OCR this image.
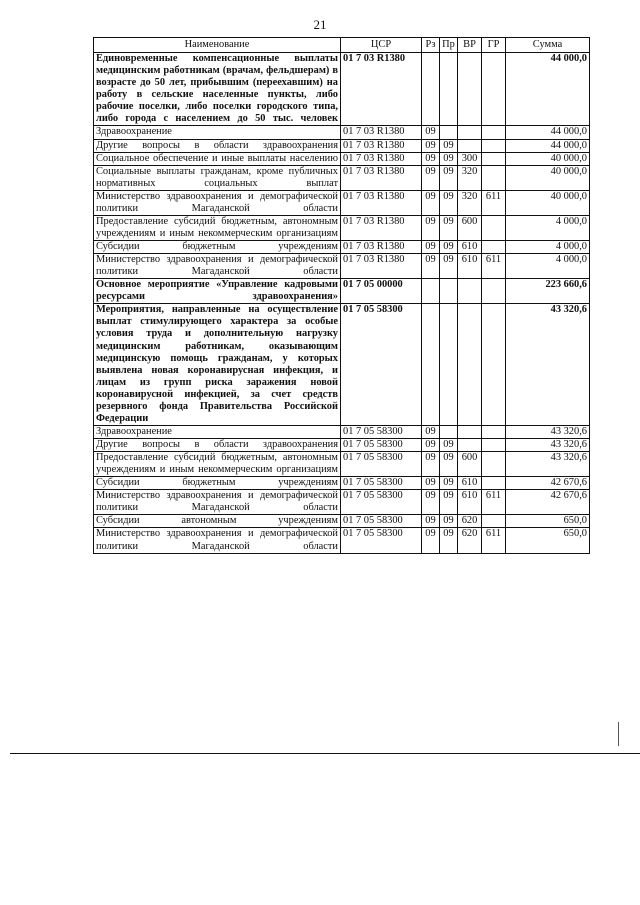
21
Наименование	ЦСР	Рз	Пр	ВР	ГР	Сумма
Единовременные компенсационные выплаты медицинским работникам (врачам, фельдшерам) в возрасте до 50 лет, прибывшим (переехавшим) на работу в сельские населенные пункты, либо рабочие поселки, либо поселки городского типа, либо города с населением до 50 тыс. человек	01 7 03 R1380					44 000,0
Здравоохранение	01 7 03 R1380	09				44 000,0
Другие вопросы в области здравоохранения	01 7 03 R1380	09	09			44 000,0
Социальное обеспечение и иные выплаты населению	01 7 03 R1380	09	09	300		40 000,0
Социальные выплаты гражданам, кроме публичных нормативных социальных выплат	01 7 03 R1380	09	09	320		40 000,0
Министерство здравоохранения и демографической политики Магаданской области	01 7 03 R1380	09	09	320	611	40 000,0
Предоставление субсидий бюджетным, автономным учреждениям и иным некоммерческим организациям	01 7 03 R1380	09	09	600		4 000,0
Субсидии бюджетным учреждениям	01 7 03 R1380	09	09	610		4 000,0
Министерство здравоохранения и демографической политики Магаданской области	01 7 03 R1380	09	09	610	611	4 000,0
Основное мероприятие «Управление кадровыми ресурсами здравоохранения»	01 7 05 00000					223 660,6
Мероприятия, направленные на осуществление выплат стимулирующего характера за особые условия труда и дополнительную нагрузку медицинским работникам, оказывающим медицинскую помощь гражданам, у которых выявлена новая коронавирусная инфекция, и лицам из групп риска заражения новой коронавирусной инфекцией, за счет средств резервного фонда Правительства Российской Федерации	01 7 05 58300					43 320,6
Здравоохранение	01 7 05 58300	09				43 320,6
Другие вопросы в области здравоохранения	01 7 05 58300	09	09			43 320,6
Предоставление субсидий бюджетным, автономным учреждениям и иным некоммерческим организациям	01 7 05 58300	09	09	600		43 320,6
Субсидии бюджетным учреждениям	01 7 05 58300	09	09	610		42 670,6
Министерство здравоохранения и демографической политики Магаданской области	01 7 05 58300	09	09	610	611	42 670,6
Субсидии автономным учреждениям	01 7 05 58300	09	09	620		650,0
Министерство здравоохранения и демографической политики Магаданской области	01 7 05 58300	09	09	620	611	650,0
